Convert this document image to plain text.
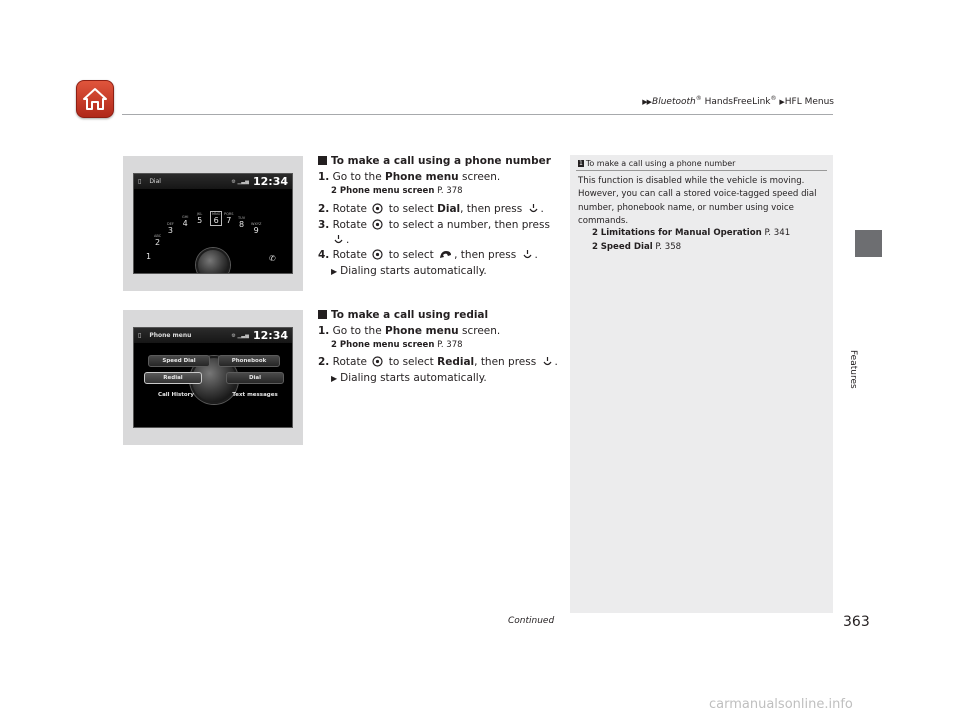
▶▶Bluetooth® HandsFreeLink® ▶HFL Menus
Features
▯ Dial	⚙ ▁▃▅ 12:34
1
ABC
2
DEF
3
GHI
4
JKL
5
MNO
6
PQRS
7	TUV
8 WXYZ
9
✆
▯ Phone menu	⚙ ▁▃▅ 12:34
Speed Dial	Phonebook
Redial	Dial
Call History	Text messages
To make a call using a phone number
1. Go to the Phone menu screen.
2 Phone menu screen P. 378
2. Rotate  to select Dial, then press .
3. Rotate  to select a number, then press
.
4. Rotate  to select , then press .
▶ Dialing starts automatically.
To make a call using redial
1. Go to the Phone menu screen.
2 Phone menu screen P. 378
2. Rotate  to select Redial, then press .
▶ Dialing starts automatically.
1 To make a call using a phone number
This function is disabled while the vehicle is moving. However, you can call a stored voice-tagged speed dial number, phonebook name, or number using voice commands.
2 Limitations for Manual Operation P. 341
2 Speed Dial P. 358
Continued	363
carmanualsonline.info
